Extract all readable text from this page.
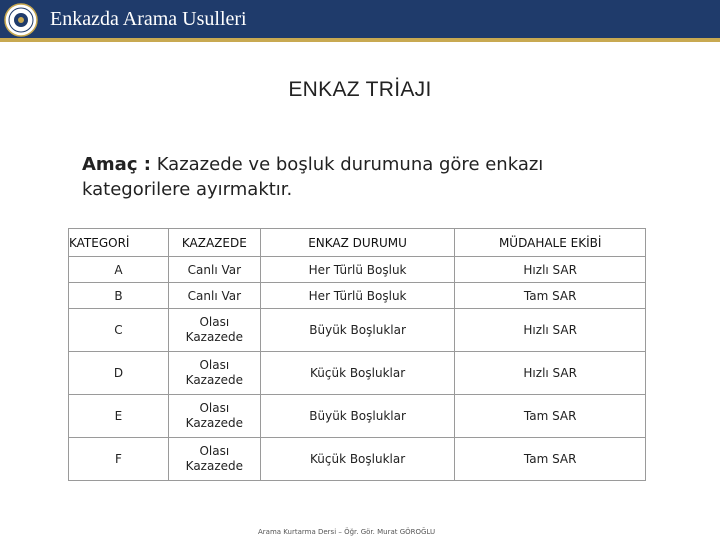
Enkazda Arama Usulleri
ENKAZ TRİAJI
Amaç : Kazazede ve boşluk durumuna göre enkazı kategorilere ayırmaktır.
KATEGORİ	KAZAZEDE	ENKAZ DURUMU	MÜDAHALE EKİBİ
A	Canlı Var	Her Türlü Boşluk	Hızlı SAR
B	Canlı Var	Her Türlü Boşluk	Tam SAR
C	Olası Kazazede	Büyük Boşluklar	Hızlı SAR
D	Olası Kazazede	Küçük Boşluklar	Hızlı SAR
E	Olası Kazazede	Büyük Boşluklar	Tam SAR
F	Olası Kazazede	Küçük Boşluklar	Tam SAR
Arama Kurtarma Dersi – Öğr. Gör. Murat GÖROĞLU
